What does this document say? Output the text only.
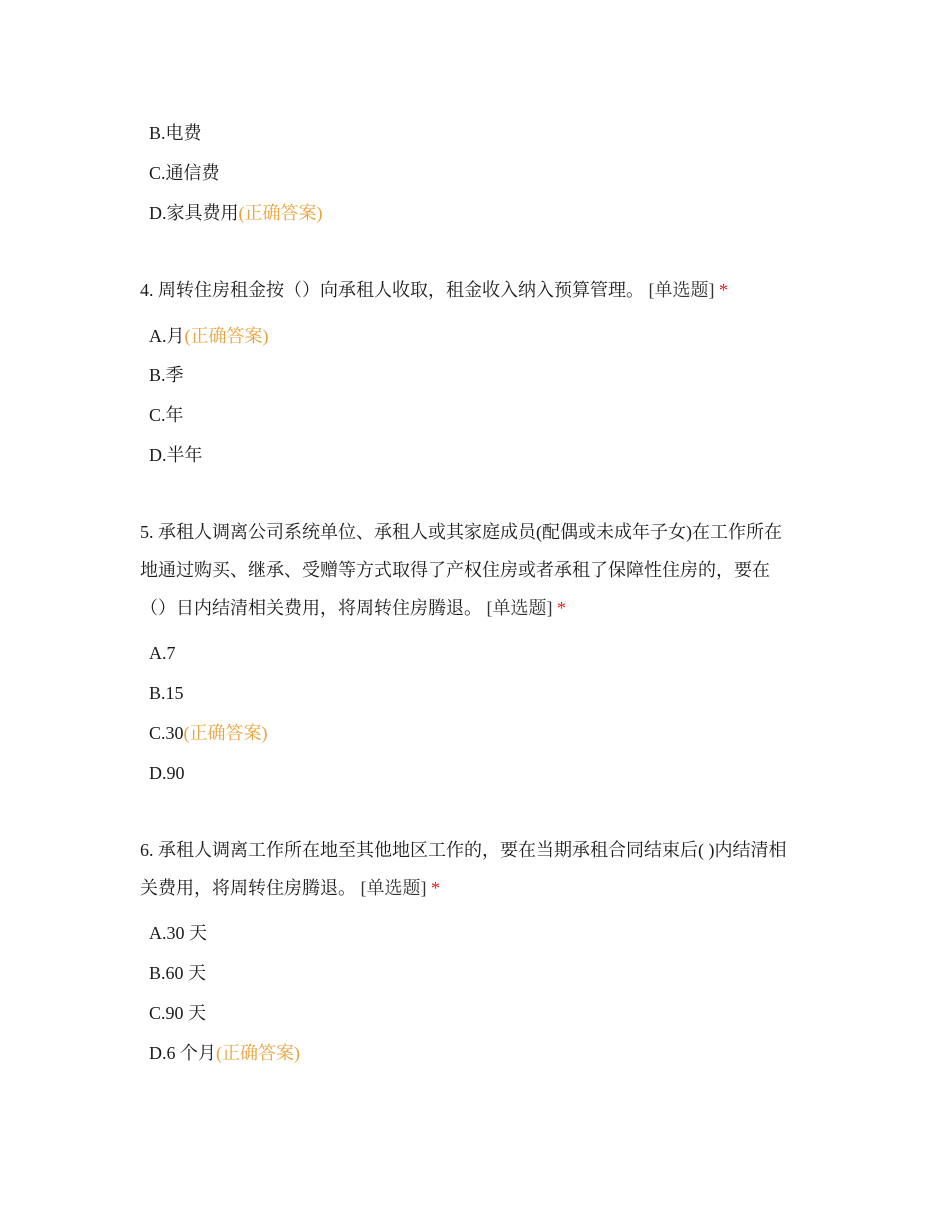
B.电费
C.通信费
D.家具费用(正确答案)
4. 周转住房租金按（）向承租人收取，租金收入纳入预算管理。 [单选题] *
A.月(正确答案)
B.季
C.年
D.半年
5. 承租人调离公司系统单位、承租人或其家庭成员(配偶或未成年子女)在工作所在
地通过购买、继承、受赠等方式取得了产权住房或者承租了保障性住房的，要在
（）日内结清相关费用，将周转住房腾退。 [单选题] *
A.7
B.15
C.30(正确答案)
D.90
6. 承租人调离工作所在地至其他地区工作的，要在当期承租合同结束后( )内结清相
关费用，将周转住房腾退。 [单选题] *
A.30 天
B.60 天
C.90 天
D.6 个月(正确答案)
